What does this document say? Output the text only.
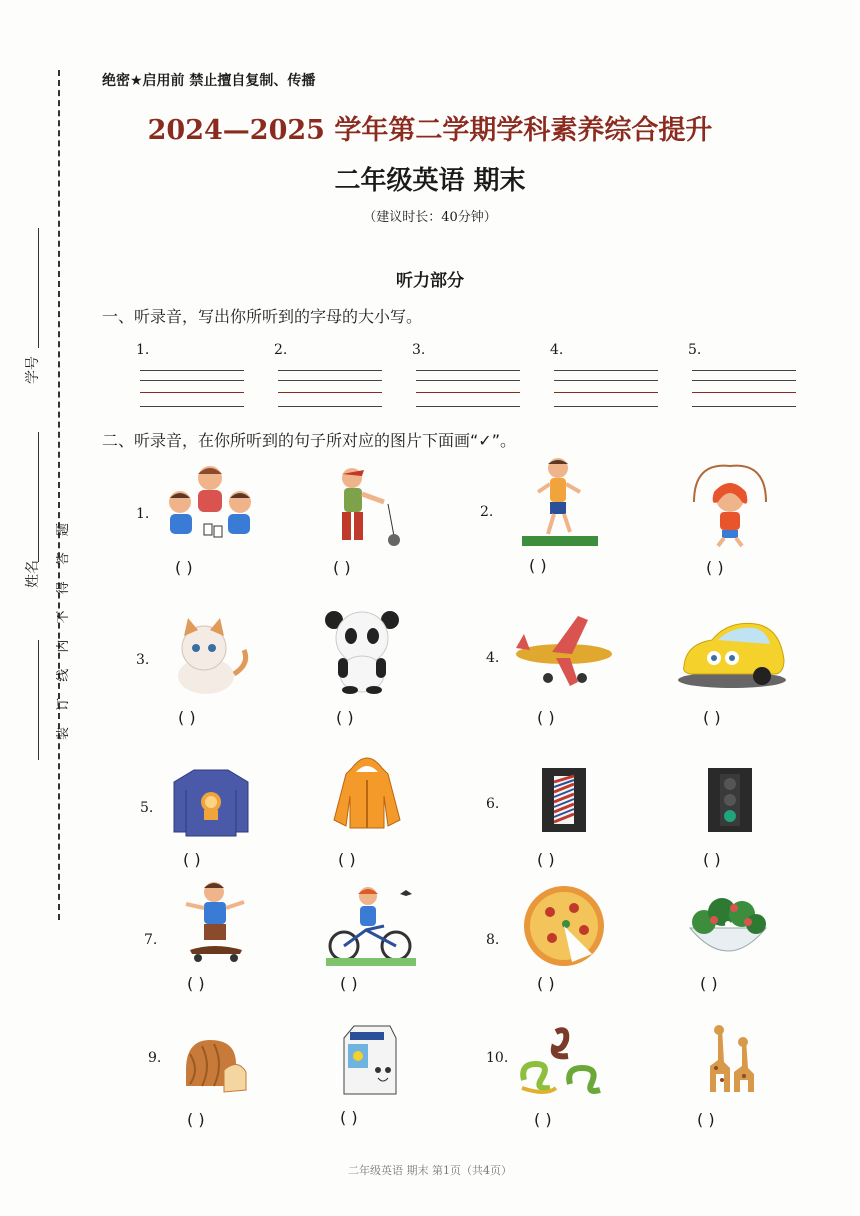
学号
姓名	装 订 线 内 不 得 答 题
绝密★启用前 禁止擅自复制、传播
2024—2025 学年第二学期学科素养综合提升
二年级英语 期末
（建议时长：40分钟）
听力部分
一、听录音，写出你所听到的字母的大小写。
1.	2.	3.	4.	5.
二、听录音，在你所听到的句子所对应的图片下面画“✓”。
1.	2.
3.	4.
5.	6.
7.	8.
9.	10.
( )	( )	( )	( )
( )	( )	( )	( )
( )	( )	( )	( )
( )	( )	( )	( )
( )	( )	( )	( )
二年级英语 期末 第1页（共4页）
